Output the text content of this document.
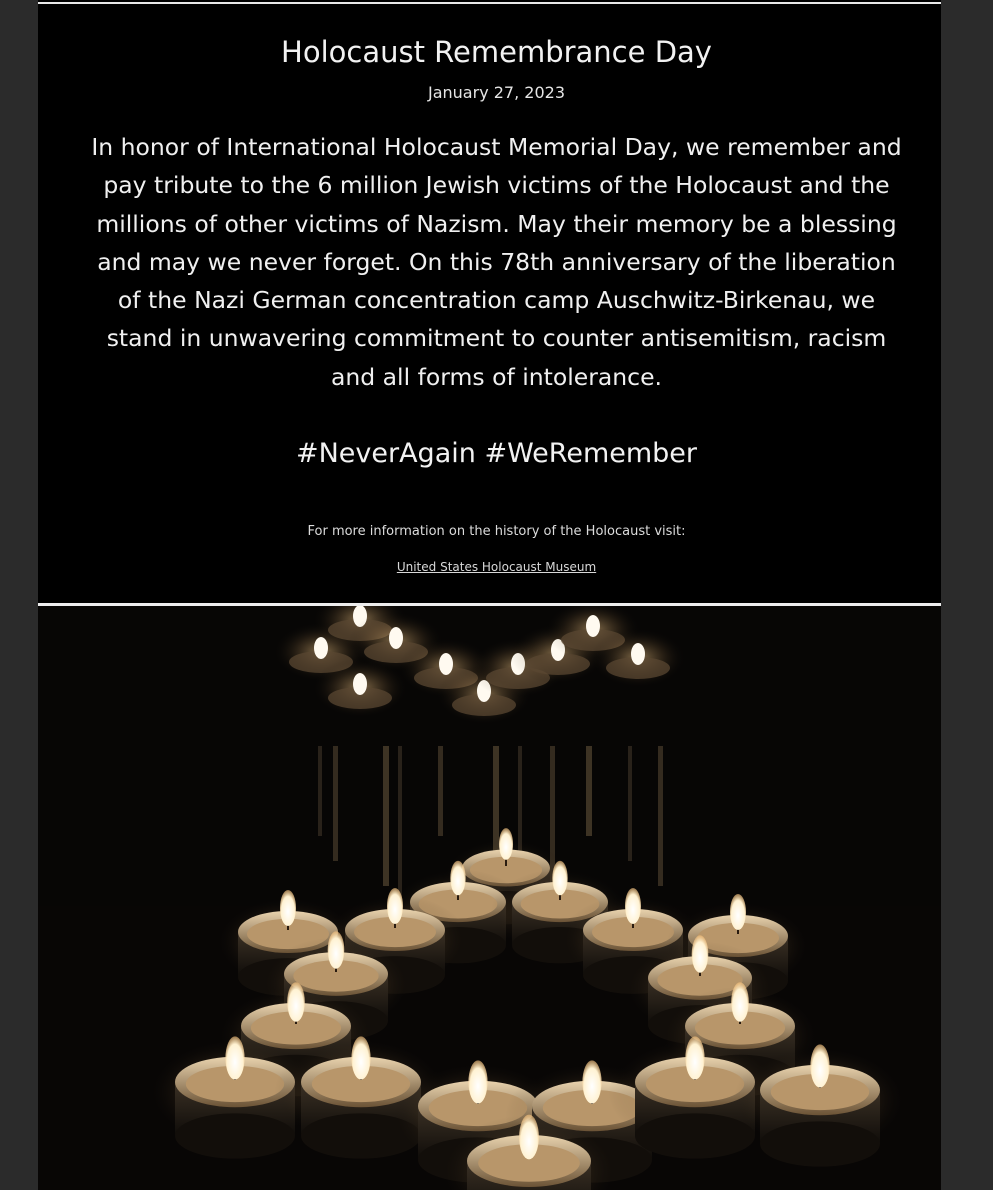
Holocaust Remembrance Day
January 27, 2023

In honor of International Holocaust Memorial Day, we remember and pay tribute to the 6 million Jewish victims of the Holocaust and the millions of other victims of Nazism. May their memory be a blessing and may we never forget. On this 78th anniversary of the liberation of the Nazi German concentration camp Auschwitz-Birkenau, we stand in unwavering commitment to counter antisemitism, racism and all forms of intolerance.

#NeverAgain #WeRemember
For more information on the history of the Holocaust visit:
United States Holocaust Museum
